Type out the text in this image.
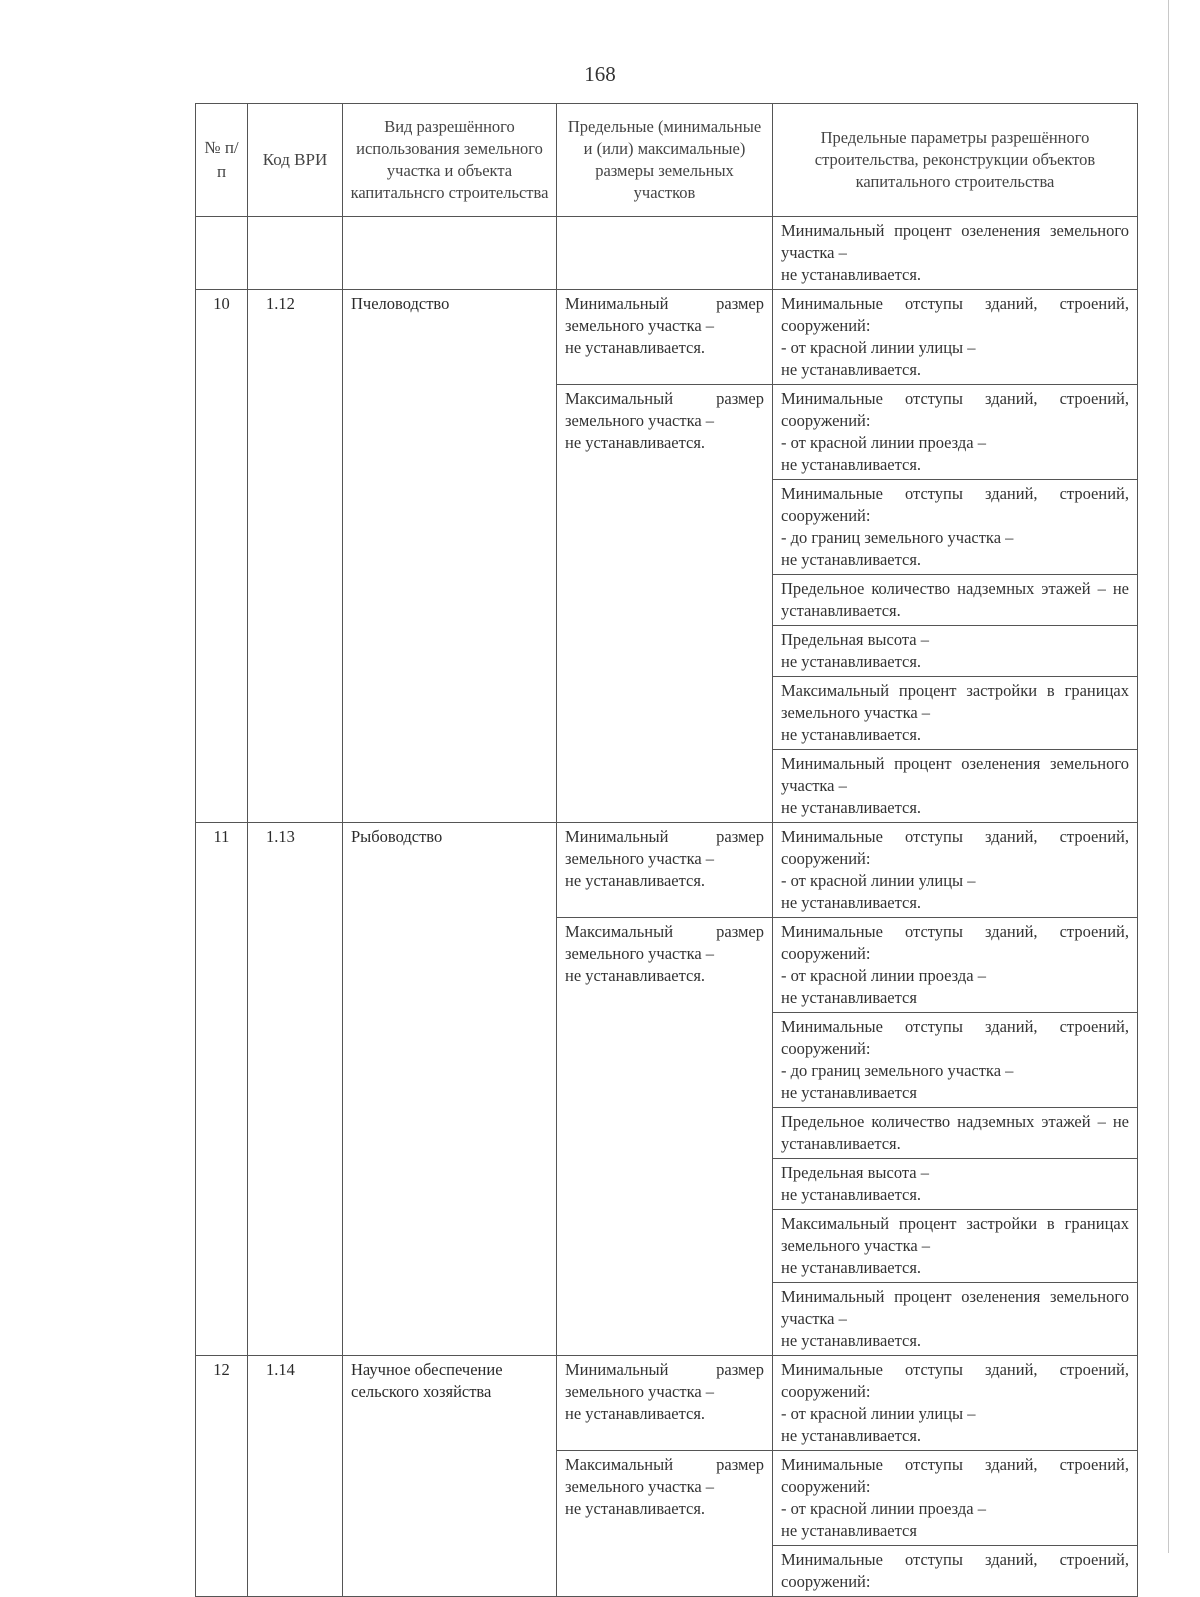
168
№ п/п	Код ВРИ	Вид разрешённого использования земельного участка и объекта капитальнсго строительства	Предельные (минимальные и (или) максимальные) размеры земельных участков	Предельные параметры разрешённого строительства, реконструкции объектов капитального строительства

				Минимальный процент озеленения земельного участка –
не устанавливается.

10	1.12	Пчеловодство	Минимальный размер земельного участка –
не устанавливается.	Минимальные отступы зданий, строений, сооружений:
- от красной линии улицы –
не устанавливается.

			Максимальный размер земельного участка –
не устанавливается.	Минимальные отступы зданий, строений, сооружений:
- от красной линии проезда –
не устанавливается.

				Минимальные отступы зданий, строений, сооружений:
- до границ земельного участка –
не устанавливается.

				Предельное количество надземных этажей – не устанавливается.

				Предельная высота –
не устанавливается.

				Максимальный процент застройки в границах земельного участка –
не устанавливается.

				Минимальный процент озеленения земельного участка –
не устанавливается.

11	1.13	Рыбоводство	Минимальный размер земельного участка –
не устанавливается.	Минимальные отступы зданий, строений, сооружений:
- от красной линии улицы –
не устанавливается.

			Максимальный размер земельного участка –
не устанавливается.	Минимальные отступы зданий, строений, сооружений:
- от красной линии проезда –
не устанавливается

				Минимальные отступы зданий, строений, сооружений:
- до границ земельного участка –
не устанавливается

				Предельное количество надземных этажей – не устанавливается.

				Предельная высота –
не устанавливается.

				Максимальный процент застройки в границах земельного участка –
не устанавливается.

				Минимальный процент озеленения земельного участка –
не устанавливается.

12	1.14	Научное обеспечение сельского хозяйства	Минимальный размер земельного участка –
не устанавливается.	Минимальные отступы зданий, строений, сооружений:
- от красной линии улицы –
не устанавливается.

			Максимальный размер земельного участка –
не устанавливается.	Минимальные отступы зданий, строений, сооружений:
- от красной линии проезда –
не устанавливается

				Минимальные отступы зданий, строений, сооружений:
